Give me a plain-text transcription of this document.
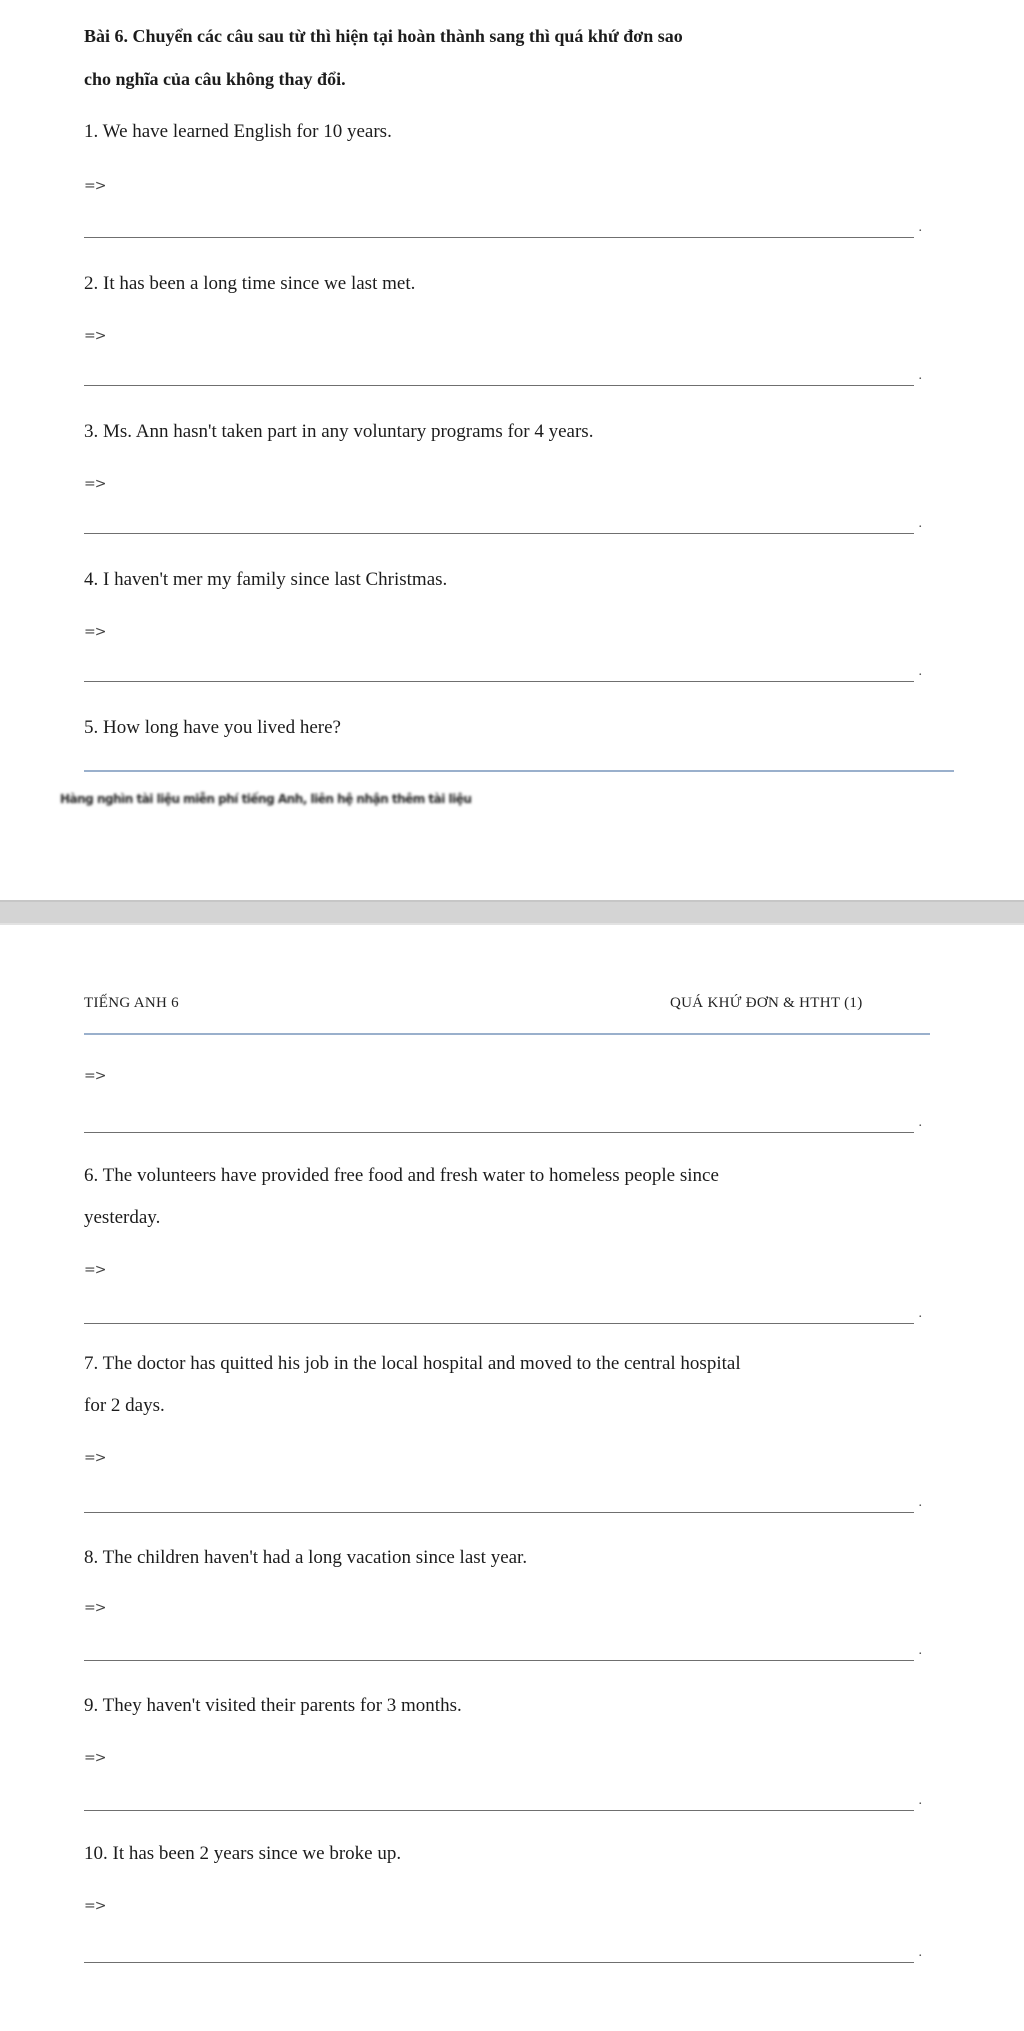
Bài 6. Chuyển các câu sau từ thì hiện tại hoàn thành sang thì quá khứ đơn sao
cho nghĩa của câu không thay đổi.
1. We have learned English for 10 years.
=>
.
2. It has been a long time since we last met.
=>
.
3. Ms. Ann hasn't taken part in any voluntary programs for 4 years.
=>
.
4. I haven't mer my family since last Christmas.
=>
.
5. How long have you lived here?
Hàng nghìn tài liệu miễn phí tiếng Anh, liên hệ nhận thêm tài liệu
TIẾNG ANH 6	QUÁ KHỨ ĐƠN & HTHT (1)
=>
.
6. The volunteers have provided free food and fresh water to homeless people since
yesterday.
=>
.
7. The doctor has quitted his job in the local hospital and moved to the central hospital
for 2 days.
=>
.
8. The children haven't had a long vacation since last year.
=>
.
9. They haven't visited their parents for 3 months.
=>
.
10. It has been 2 years since we broke up.
=>
.
